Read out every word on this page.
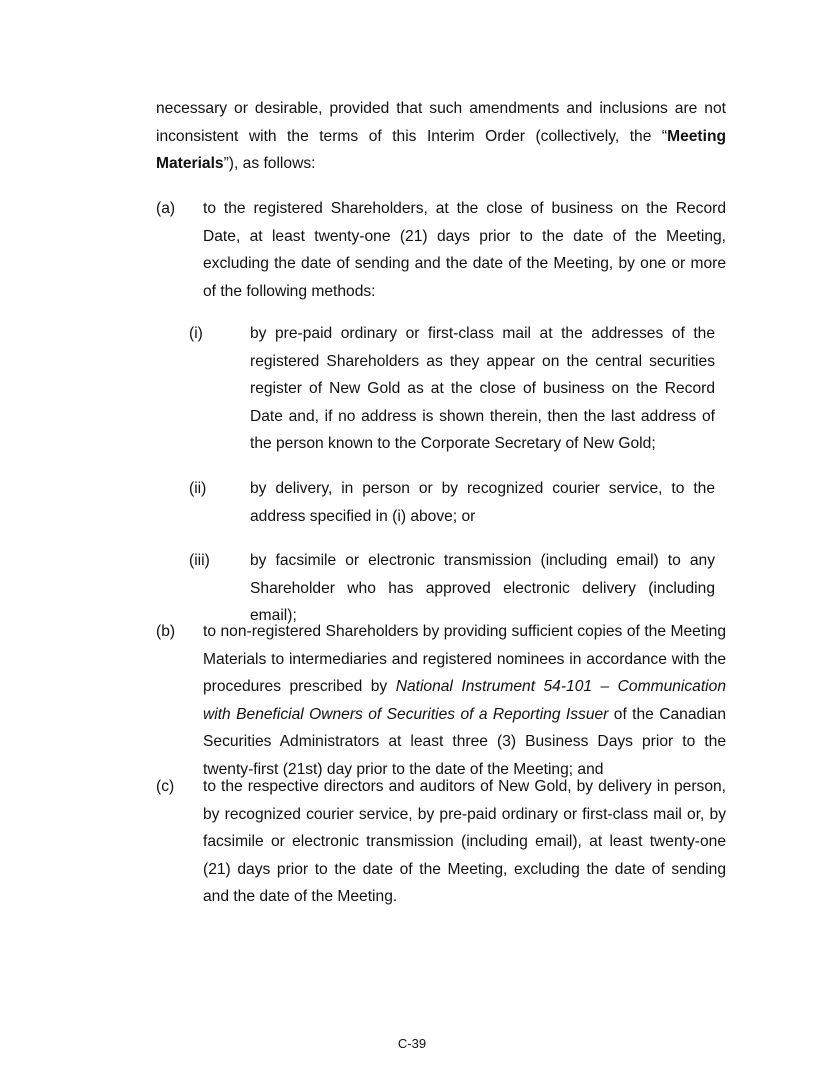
necessary or desirable, provided that such amendments and inclusions are not inconsistent with the terms of this Interim Order (collectively, the “Meeting Materials”), as follows:

(a) to the registered Shareholders, at the close of business on the Record Date, at least twenty-one (21) days prior to the date of the Meeting, excluding the date of sending and the date of the Meeting, by one or more of the following methods:

(i)	by pre-paid ordinary or first-class mail at the addresses of the registered Shareholders as they appear on the central securities register of New Gold as at the close of business on the Record Date and, if no address is shown therein, then the last address of the person known to the Corporate Secretary of New Gold;

(ii)	by delivery, in person or by recognized courier service, to the address specified in (i) above; or

(iii)	by facsimile or electronic transmission (including email) to any Shareholder who has approved electronic delivery (including email);

(b) to non-registered Shareholders by providing sufficient copies of the Meeting Materials to intermediaries and registered nominees in accordance with the procedures prescribed by National Instrument 54-101 – Communication with Beneficial Owners of Securities of a Reporting Issuer of the Canadian Securities Administrators at least three (3) Business Days prior to the twenty-first (21st) day prior to the date of the Meeting; and

(c) to the respective directors and auditors of New Gold, by delivery in person, by recognized courier service, by pre-paid ordinary or first-class mail or, by facsimile or electronic transmission (including email), at least twenty-one (21) days prior to the date of the Meeting, excluding the date of sending and the date of the Meeting.

C-39
